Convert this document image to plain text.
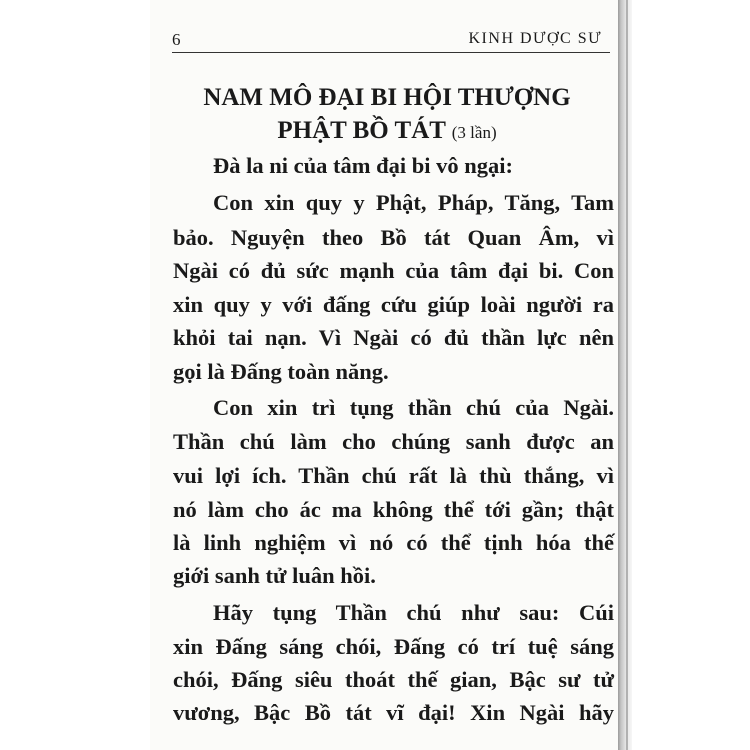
6	KINH DƯỢC SƯ
NAM MÔ ĐẠI BI HỘI THƯỢNG
PHẬT BỒ TÁT (3 lần)
Đà la ni của tâm đại bi vô ngại:
Con xin quy y Phật, Pháp, Tăng, Tam
bảo. Nguyện theo Bồ tát Quan Âm, vì
Ngài có đủ sức mạnh của tâm đại bi. Con
xin quy y với đấng cứu giúp loài người ra
khỏi tai nạn. Vì Ngài có đủ thần lực nên
gọi là Đấng toàn năng.
Con xin trì tụng thần chú của Ngài.
Thần chú làm cho chúng sanh được an
vui lợi ích. Thần chú rất là thù thắng, vì
nó làm cho ác ma không thể tới gần; thật
là linh nghiệm vì nó có thể tịnh hóa thế
giới sanh tử luân hồi.
Hãy tụng Thần chú như sau: Cúi
xin Đấng sáng chói, Đấng có trí tuệ sáng
chói, Đấng siêu thoát thế gian, Bậc sư tử
vương, Bậc Bồ tát vĩ đại! Xin Ngài hãy
